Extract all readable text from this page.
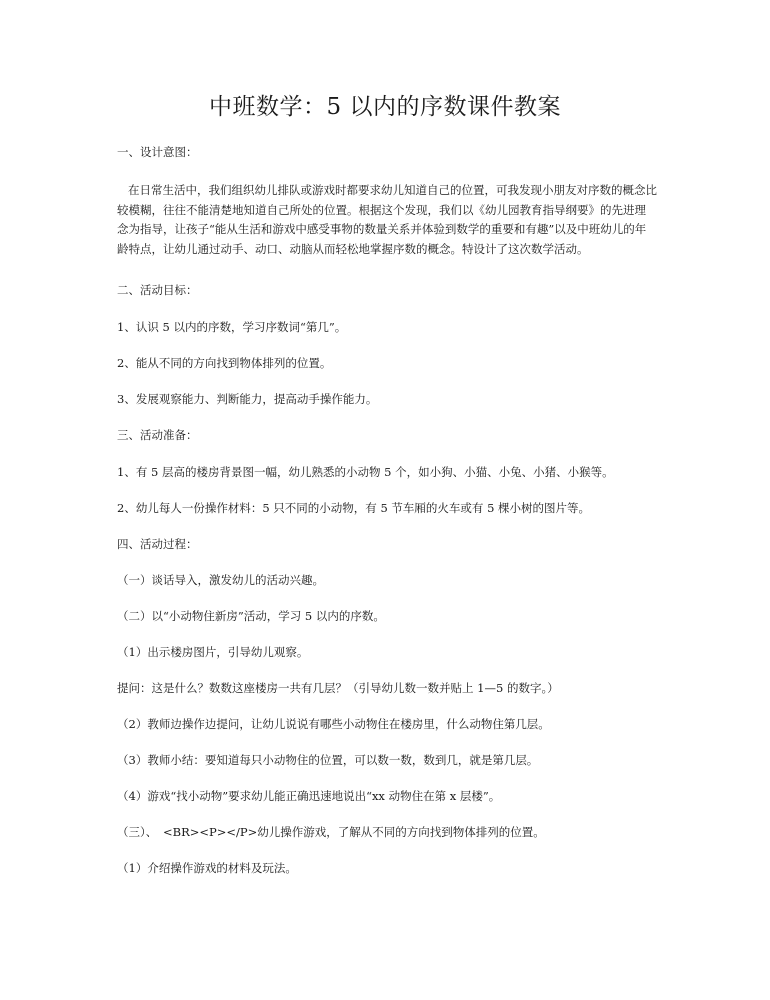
中班数学：5 以内的序数课件教案

一、设计意图：

在日常生活中，我们组织幼儿排队或游戏时都要求幼儿知道自己的位置，可我发现小朋友对序数的概念比较模糊，往往不能清楚地知道自己所处的位置。根据这个发现，我们以《幼儿园教育指导纲要》的先进理念为指导，让孩子“能从生活和游戏中感受事物的数量关系并体验到数学的重要和有趣”以及中班幼儿的年龄特点，让幼儿通过动手、动口、动脑从而轻松地掌握序数的概念。特设计了这次数学活动。

二、活动目标：

1、认识 5 以内的序数，学习序数词“第几”。

2、能从不同的方向找到物体排列的位置。

3、发展观察能力、判断能力，提高动手操作能力。

三、活动准备：

1、有 5 层高的楼房背景图一幅，幼儿熟悉的小动物 5 个，如小狗、小猫、小兔、小猪、小猴等。

2、幼儿每人一份操作材料：5 只不同的小动物，有 5 节车厢的火车或有 5 棵小树的图片等。

四、活动过程：

（一）谈话导入，激发幼儿的活动兴趣。

（二）以“小动物住新房”活动，学习 5 以内的序数。

（1）出示楼房图片，引导幼儿观察。

提问：这是什么？数数这座楼房一共有几层？（引导幼儿数一数并贴上 1—5 的数字。）

（2）教师边操作边提问，让幼儿说说有哪些小动物住在楼房里，什么动物住第几层。

（3）教师小结：要知道每只小动物住的位置，可以数一数，数到几，就是第几层。

（4）游戏“找小动物”要求幼儿能正确迅速地说出“xx 动物住在第 x 层楼”。

（三）、　<BR><P></P>幼儿操作游戏，了解从不同的方向找到物体排列的位置。

（1）介绍操作游戏的材料及玩法。
